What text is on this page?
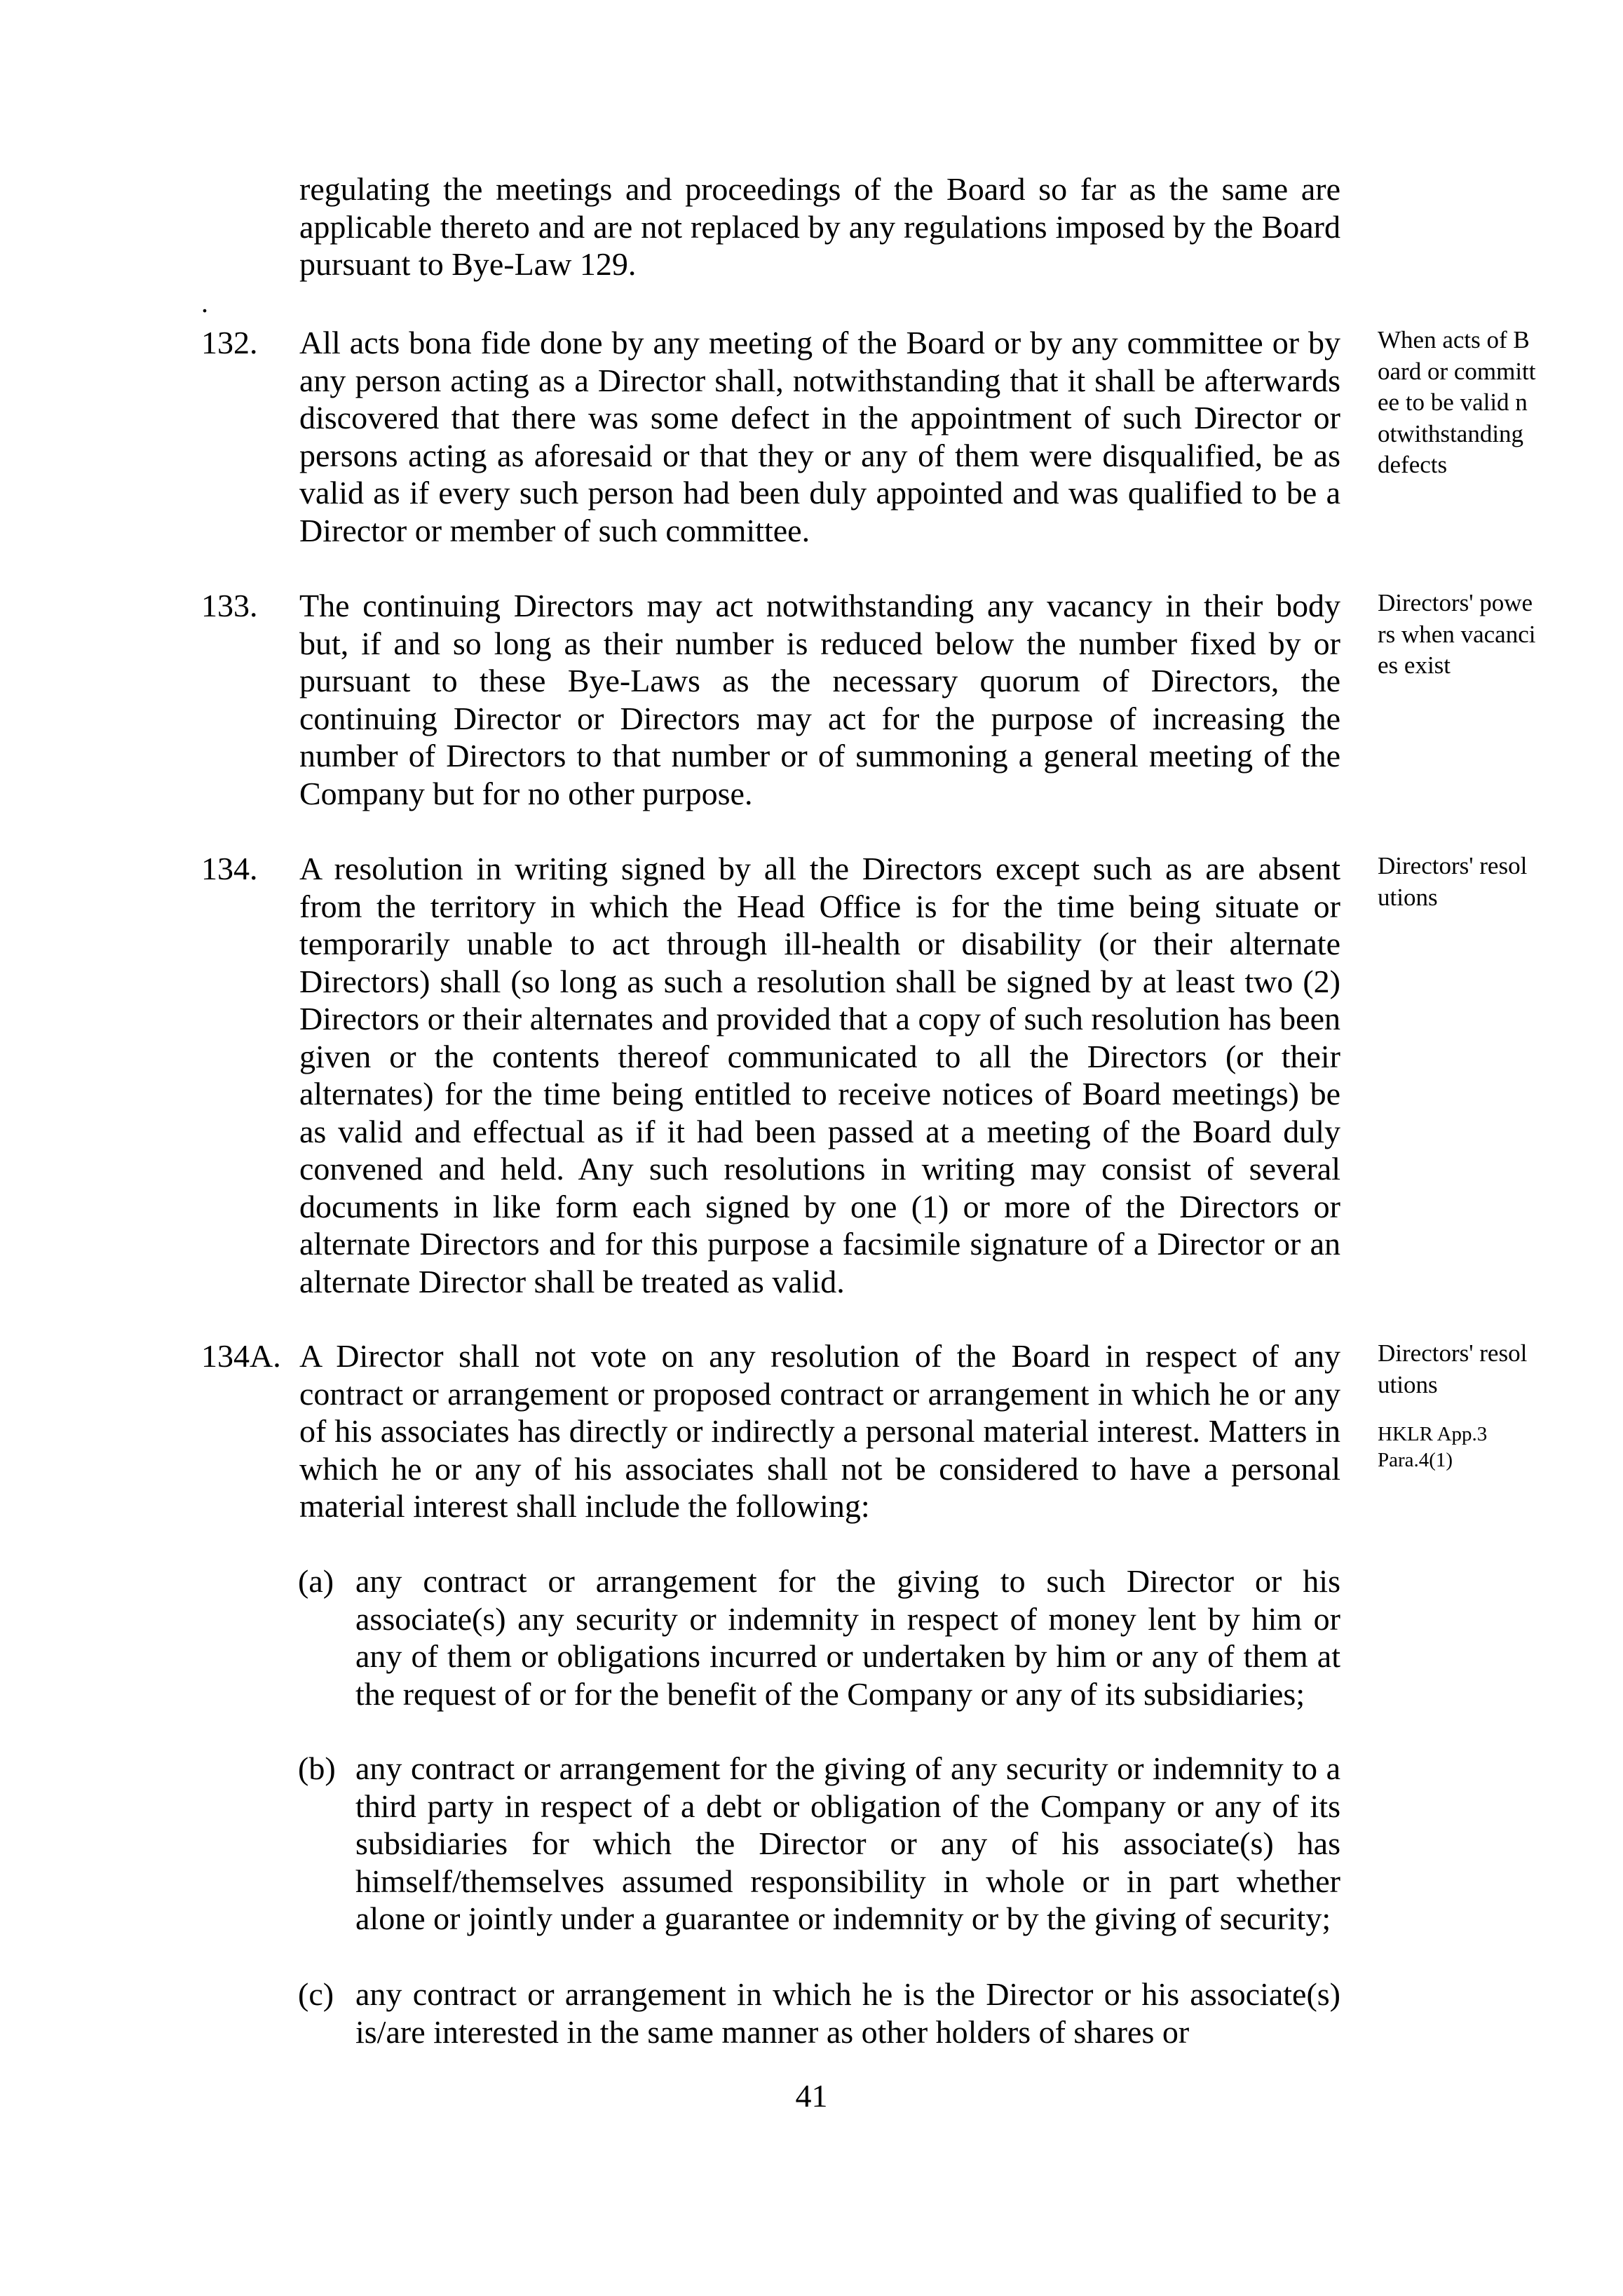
regulating the meetings and proceedings of the Board so far as the same are applicable thereto and are not replaced by any regulations imposed by the Board pursuant to Bye-Law 129.
.
132. All acts bona fide done by any meeting of the Board or by any committee or by any person acting as a Director shall, notwithstanding that it shall be afterwards discovered that there was some defect in the appointment of such Director or persons acting as aforesaid or that they or any of them were disqualified, be as valid as if every such person had been duly appointed and was qualified to be a Director or member of such committee.
When acts of Board or committee to be valid notwithstanding defects
133. The continuing Directors may act notwithstanding any vacancy in their body but, if and so long as their number is reduced below the number fixed by or pursuant to these Bye-Laws as the necessary quorum of Directors, the continuing Director or Directors may act for the purpose of increasing the number of Directors to that number or of summoning a general meeting of the Company but for no other purpose.
Directors' powers when vacancies exist
134. A resolution in writing signed by all the Directors except such as are absent from the territory in which the Head Office is for the time being situate or temporarily unable to act through ill-health or disability (or their alternate Directors) shall (so long as such a resolution shall be signed by at least two (2) Directors or their alternates and provided that a copy of such resolution has been given or the contents thereof communicated to all the Directors (or their alternates) for the time being entitled to receive notices of Board meetings) be as valid and effectual as if it had been passed at a meeting of the Board duly convened and held. Any such resolutions in writing may consist of several documents in like form each signed by one (1) or more of the Directors or alternate Directors and for this purpose a facsimile signature of a Director or an alternate Director shall be treated as valid.
Directors' resolutions
134A. A Director shall not vote on any resolution of the Board in respect of any contract or arrangement or proposed contract or arrangement in which he or any of his associates has directly or indirectly a personal material interest. Matters in which he or any of his associates shall not be considered to have a personal material interest shall include the following:
Directors' resolutions
HKLR App.3 Para.4(1)
(a) any contract or arrangement for the giving to such Director or his associate(s) any security or indemnity in respect of money lent by him or any of them or obligations incurred or undertaken by him or any of them at the request of or for the benefit of the Company or any of its subsidiaries;
(b) any contract or arrangement for the giving of any security or indemnity to a third party in respect of a debt or obligation of the Company or any of its subsidiaries for which the Director or any of his associate(s) has himself/themselves assumed responsibility in whole or in part whether alone or jointly under a guarantee or indemnity or by the giving of security;
(c) any contract or arrangement in which he is the Director or his associate(s) is/are interested in the same manner as other holders of shares or
41
